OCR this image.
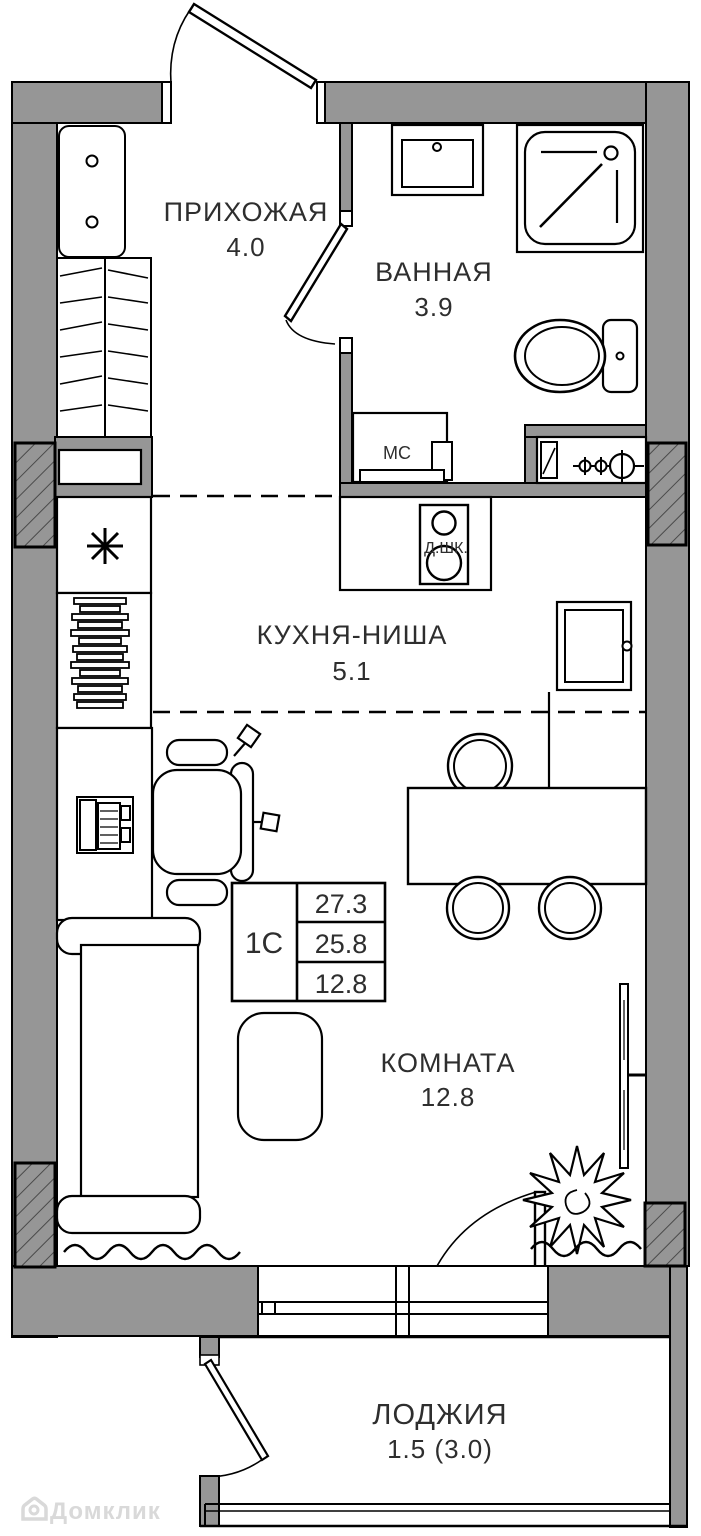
ПРИХОЖАЯ
4.0
ВАННАЯ
3.9
КУХНЯ-НИША
5.1
КОМНАТА
12.8
ЛОДЖИЯ
1.5 (3.0)
МС
Д.ШК.
1С
27.3
25.8
12.8
Домклик
